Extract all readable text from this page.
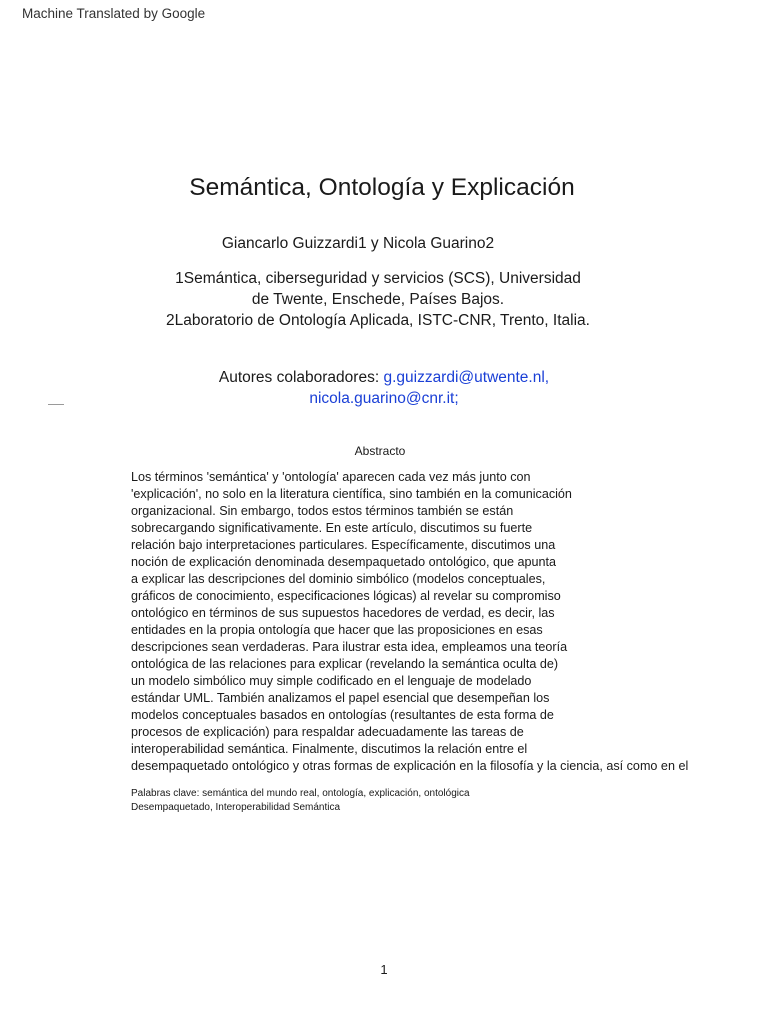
Machine Translated by Google
Semántica, Ontología y Explicación
Giancarlo Guizzardi1 y Nicola Guarino2
1Semántica, ciberseguridad y servicios (SCS), Universidad
de Twente, Enschede, Países Bajos.
2Laboratorio de Ontología Aplicada, ISTC-CNR, Trento, Italia.
Autores colaboradores: g.guizzardi@utwente.nl,
nicola.guarino@cnr.it;
Abstracto
Los términos 'semántica' y 'ontología' aparecen cada vez más junto con
'explicación', no solo en la literatura científica, sino también en la comunicación
organizacional. Sin embargo, todos estos términos también se están
sobrecargando significativamente. En este artículo, discutimos su fuerte
relación bajo interpretaciones particulares. Específicamente, discutimos una
noción de explicación denominada desempaquetado ontológico, que apunta
a explicar las descripciones del dominio simbólico (modelos conceptuales,
gráficos de conocimiento, especificaciones lógicas) al revelar su compromiso
ontológico en términos de sus supuestos hacedores de verdad, es decir, las
entidades en la propia ontología que hacer que las proposiciones en esas
descripciones sean verdaderas. Para ilustrar esta idea, empleamos una teoría
ontológica de las relaciones para explicar (revelando la semántica oculta de)
un modelo simbólico muy simple codificado en el lenguaje de modelado
estándar UML. También analizamos el papel esencial que desempeñan los
modelos conceptuales basados en ontologías (resultantes de esta forma de
procesos de explicación) para respaldar adecuadamente las tareas de
interoperabilidad semántica. Finalmente, discutimos la relación entre el
desempaquetado ontológico y otras formas de explicación en la filosofía y la ciencia, así como en el
Palabras clave: semántica del mundo real, ontología, explicación, ontológica
Desempaquetado, Interoperabilidad Semántica
1
